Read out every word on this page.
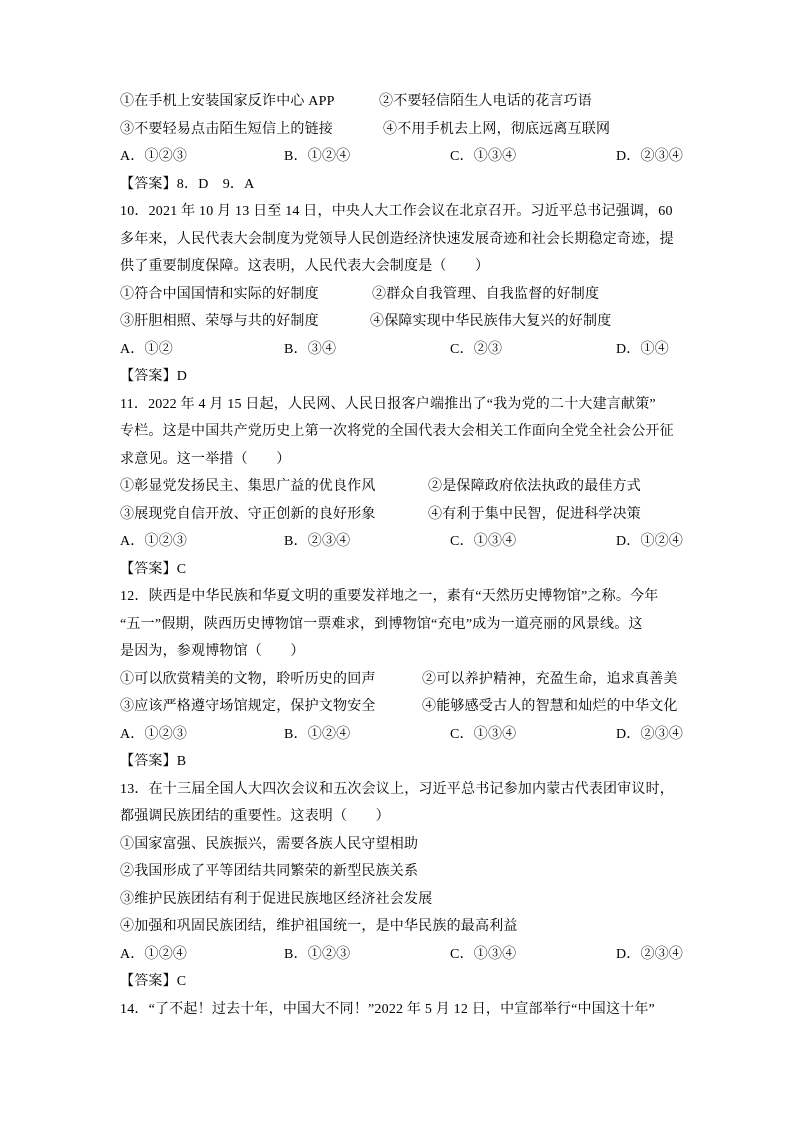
①在手机上安装国家反诈中心 APP	②不要轻信陌生人电话的花言巧语
③不要轻易点击陌生短信上的链接	④不用手机去上网，彻底远离互联网
A．①②③	B．①②④	C．①③④	D．②③④
【答案】8．D　9．A
10．2021 年 10 月 13 日至 14 日，中央人大工作会议在北京召开。习近平总书记强调，60
多年来，人民代表大会制度为党领导人民创造经济快速发展奇迹和社会长期稳定奇迹，提
供了重要制度保障。这表明，人民代表大会制度是（　　）
①符合中国国情和实际的好制度	②群众自我管理、自我监督的好制度
③肝胆相照、荣辱与共的好制度	④保障实现中华民族伟大复兴的好制度
A．①②	B．③④	C．②③	D．①④
【答案】D
11．2022 年 4 月 15 日起，人民网、人民日报客户端推出了“我为党的二十大建言献策”
专栏。这是中国共产党历史上第一次将党的全国代表大会相关工作面向全党全社会公开征
求意见。这一举措（　　）
①彰显党发扬民主、集思广益的优良作风	②是保障政府依法执政的最佳方式
③展现党自信开放、守正创新的良好形象	④有利于集中民智，促进科学决策
A．①②③	B．②③④	C．①③④	D．①②④
【答案】C
12．陕西是中华民族和华夏文明的重要发祥地之一，素有“天然历史博物馆”之称。今年
“五一”假期，陕西历史博物馆一票难求，到博物馆“充电”成为一道亮丽的风景线。这
是因为，参观博物馆（　　）
①可以欣赏精美的文物，聆听历史的回声	②可以养护精神，充盈生命，追求真善美
③应该严格遵守场馆规定，保护文物安全	④能够感受古人的智慧和灿烂的中华文化
A．①②③	B．①②④	C．①③④	D．②③④
【答案】B
13．在十三届全国人大四次会议和五次会议上，习近平总书记参加内蒙古代表团审议时，
都强调民族团结的重要性。这表明（　　）
①国家富强、民族振兴，需要各族人民守望相助
②我国形成了平等团结共同繁荣的新型民族关系
③维护民族团结有利于促进民族地区经济社会发展
④加强和巩固民族团结，维护祖国统一，是中华民族的最高利益
A．①②④	B．①②③	C．①③④	D．②③④
【答案】C
14．“了不起！过去十年，中国大不同！”2022 年 5 月 12 日，中宣部举行“中国这十年”
